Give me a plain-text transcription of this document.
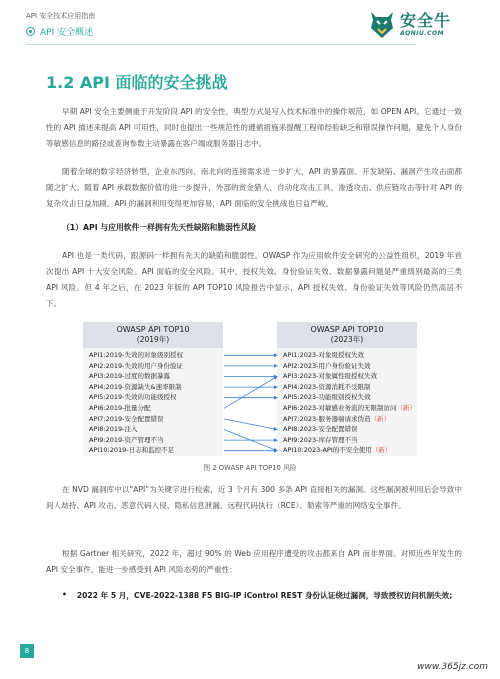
API 安全技术应用指南
API 安全概述
安全牛
AQNIU.COM
1.2 API 面临的安全挑战

早期 API 安全主要侧重于开发阶段 API 的安全性，典型方式是写入技术标准中的操作规范，如 OPEN API。它通过一致性的 API 描述来提高 API 可用性，同时也提出一些规范性的遵循措施来提醒工程师经验缺乏和错误操作问题，避免个人身份等敏感信息的路径或查询参数主动暴露在客户端或服务器日志中。

随着全球的数字经济转型，企业东西向、南北向的连接需求进一步扩大，API 的暴露面、开发缺陷、漏洞产生攻击面都随之扩大。随着 API 承载数据价值的进一步提升，外部的赏金猎人、自动化攻击工具、渗透攻击、供应链攻击等针对 API 的复杂攻击日益加剧。API 的漏洞利用变得更加容易，API 面临的安全挑战也日益严峻。

（1）API 与应用软件一样拥有先天性缺陷和脆弱性风险

API 也是一类代码，跟源码一样拥有先天的缺陷和脆弱性。OWASP 作为应用软件安全研究的公益性组织，2019 年首次提出 API 十大安全风险。API 面临的安全风险。其中，授权失效、身份验证失效、数据暴露问题是严重级别最高的三类 API 风险。但 4 年之后，在 2023 年版的 API TOP10 风险报告中显示，API 授权失效、身份验证失效等风险仍然高居不下。

OWASP API TOP10
(2019年)
API1:2019-失效的对象级别授权
API2:2019-失效的用户身份验证
API3:2019-过度的数据暴露
API4:2019-资源缺失&速率限制
API5:2019-失效的功能级授权
API6:2019-批量分配
API7:2019-安全配置错误
API8:2019-注入
API9:2019-资产管理不当
API10:2019-日志和监控不足
OWASP API TOP10
(2023年)
API1:2023-对象级授权失效
API2:2023-用户身份验证失效
API3:2023-对象属性级授权失效
API4:2023-资源消耗不受限制
API5:2023-功能级别授权失效
API6:2023-对敏感业务流的无限制访问（新）
API7:2023-服务器端请求伪造（新）
API8:2023-安全配置错误
API9:2023-库存管理不当
API10:2023-API的不安全使用（新）
图 2 OWASP API TOP10 风险

在 NVD 漏洞库中以“API”为关键字进行检索，近 3 个月有 300 多条 API 直接相关的漏洞。这些漏洞被利用后会导致中间人劫持、API 攻击、恶意代码入侵、隐私信息泄漏、远程代码执行（RCE）、勒索等严重的网络安全事件。

根据 Gartner 相关研究，2022 年，超过 90% 的 Web 应用程序遭受的攻击都来自 API 而非界面。对照近些年发生的 API 安全事件，能进一步感受到 API 风险态势的严重性：

• 2022 年 5 月，CVE-2022-1388 F5 BIG-IP iControl REST 身份认证绕过漏洞，导致授权访问机制失效;
8
www.365jz.com
